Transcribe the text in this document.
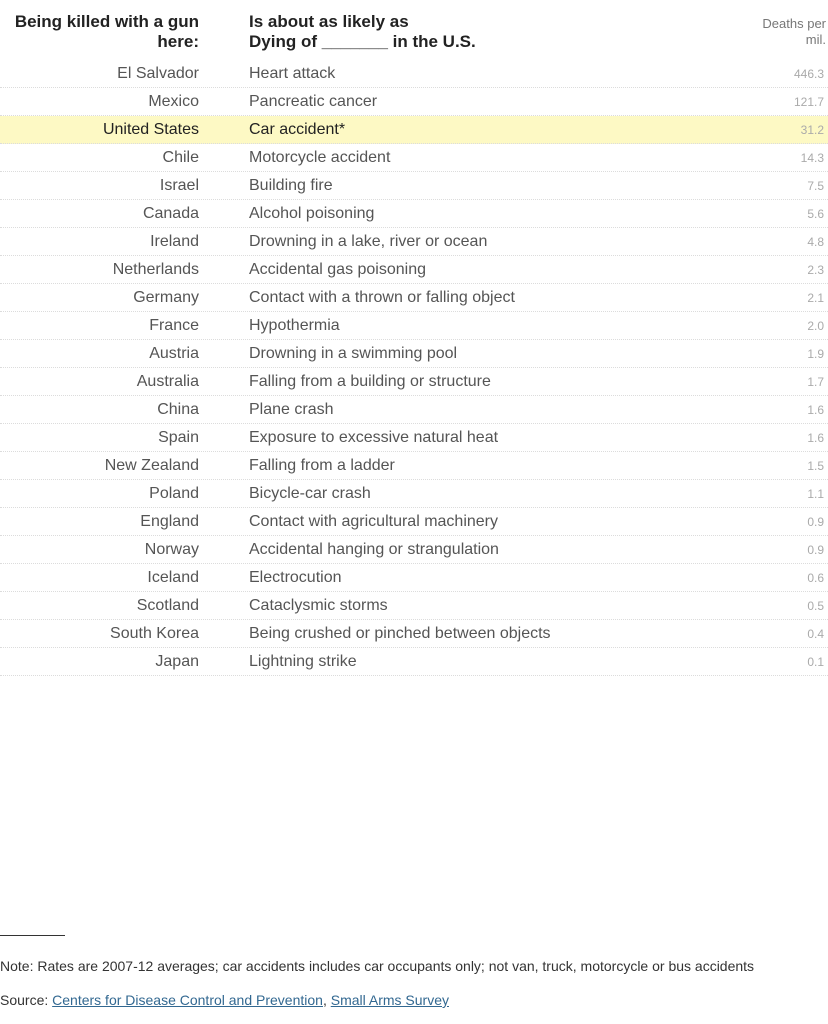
Being killed with a gun here:
Is about as likely as
Dying of _______ in the U.S.
Deaths per mil.
El Salvador	Heart attack	446.3
Mexico	Pancreatic cancer	121.7
United States	Car accident*	31.2
Chile	Motorcycle accident	14.3
Israel	Building fire	7.5
Canada	Alcohol poisoning	5.6
Ireland	Drowning in a lake, river or ocean	4.8
Netherlands	Accidental gas poisoning	2.3
Germany	Contact with a thrown or falling object	2.1
France	Hypothermia	2.0
Austria	Drowning in a swimming pool	1.9
Australia	Falling from a building or structure	1.7
China	Plane crash	1.6
Spain	Exposure to excessive natural heat	1.6
New Zealand	Falling from a ladder	1.5
Poland	Bicycle-car crash	1.1
England	Contact with agricultural machinery	0.9
Norway	Accidental hanging or strangulation	0.9
Iceland	Electrocution	0.6
Scotland	Cataclysmic storms	0.5
South Korea	Being crushed or pinched between objects	0.4
Japan	Lightning strike	0.1
Note: Rates are 2007-12 averages; car accidents includes car occupants only; not van, truck, motorcycle or bus accidents
Source: Centers for Disease Control and Prevention, Small Arms Survey
